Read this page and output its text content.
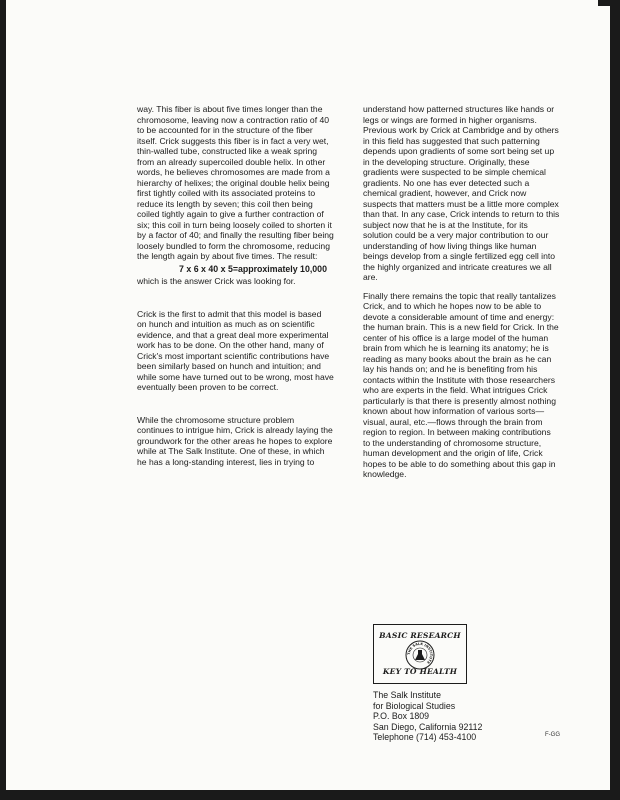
way. This fiber is about five times longer than the
chromosome, leaving now a contraction ratio of 40
to be accounted for in the structure of the fiber
itself. Crick suggests this fiber is in fact a very wet,
thin-walled tube, constructed like a weak spring
from an already supercoiled double helix. In other
words, he believes chromosomes are made from a
hierarchy of helixes; the original double helix being
first tightly coiled with its associated proteins to
reduce its length by seven; this coil then being
coiled tightly again to give a further contraction of
six; this coil in turn being loosely coiled to shorten it
by a factor of 40; and finally the resulting fiber being
loosely bundled to form the chromosome, reducing
the length again by about five times. The result:

7 x 6 x 40 x 5=approximately 10,000

which is the answer Crick was looking for.

Crick is the first to admit that this model is based
on hunch and intuition as much as on scientific
evidence, and that a great deal more experimental
work has to be done. On the other hand, many of
Crick's most important scientific contributions have
been similarly based on hunch and intuition; and
while some have turned out to be wrong, most have
eventually been proven to be correct.

While the chromosome structure problem
continues to intrigue him, Crick is already laying the
groundwork for the other areas he hopes to explore
while at The Salk Institute. One of these, in which
he has a long-standing interest, lies in trying to

understand how patterned structures like hands or
legs or wings are formed in higher organisms.
Previous work by Crick at Cambridge and by others
in this field has suggested that such patterning
depends upon gradients of some sort being set up
in the developing structure. Originally, these
gradients were suspected to be simple chemical
gradients. No one has ever detected such a
chemical gradient, however, and Crick now
suspects that matters must be a little more complex
than that. In any case, Crick intends to return to this
subject now that he is at the Institute, for its
solution could be a very major contribution to our
understanding of how living things like human
beings develop from a single fertilized egg cell into
the highly organized and intricate creatures we all
are.

Finally there remains the topic that really tantalizes
Crick, and to which he hopes now to be able to
devote a considerable amount of time and energy:
the human brain. This is a new field for Crick. In the
center of his office is a large model of the human
brain from which he is learning its anatomy; he is
reading as many books about the brain as he can
lay his hands on; and he is benefiting from his
contacts within the Institute with those researchers
who are experts in the field. What intrigues Crick
particularly is that there is presently almost nothing
known about how information of various sorts—
visual, aural, etc.—flows through the brain from
region to region. In between making contributions
to the understanding of chromosome structure,
human development and the origin of life, Crick
hopes to be able to do something about this gap in
knowledge.

BASIC RESEARCH
THE SALK INSTITUTE
KEY TO HEALTH
The Salk Institute
for Biological Studies
P.O. Box 1809
San Diego, California 92112
Telephone (714) 453-4100	F-GG
